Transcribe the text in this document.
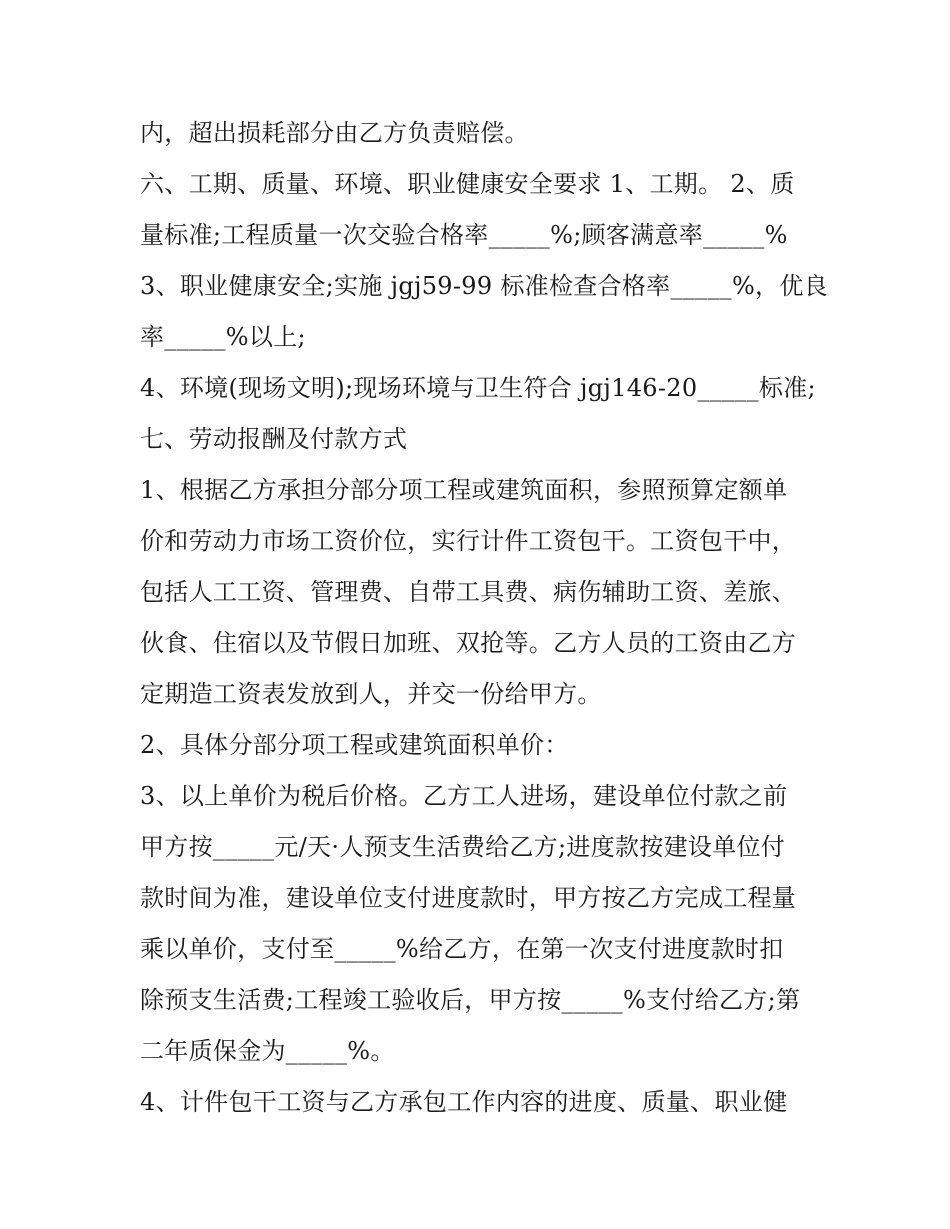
内，超出损耗部分由乙方负责赔偿。
六、工期、质量、环境、职业健康安全要求 1、工期。 2、质
量标准;工程质量一次交验合格率_____%;顾客满意率_____%
3、职业健康安全;实施 jgj59-99 标准检查合格率_____%，优良
率_____%以上;
4、环境(现场文明);现场环境与卫生符合 jgj146-20_____标准;
七、劳动报酬及付款方式
1、根据乙方承担分部分项工程或建筑面积，参照预算定额单
价和劳动力市场工资价位，实行计件工资包干。工资包干中，
包括人工工资、管理费、自带工具费、病伤辅助工资、差旅、
伙食、住宿以及节假日加班、双抢等。乙方人员的工资由乙方
定期造工资表发放到人，并交一份给甲方。
2、具体分部分项工程或建筑面积单价：
3、以上单价为税后价格。乙方工人进场，建设单位付款之前
甲方按_____元/天·人预支生活费给乙方;进度款按建设单位付
款时间为准，建设单位支付进度款时，甲方按乙方完成工程量
乘以单价，支付至_____%给乙方，在第一次支付进度款时扣
除预支生活费;工程竣工验收后，甲方按_____%支付给乙方;第
二年质保金为_____%。
4、计件包干工资与乙方承包工作内容的进度、质量、职业健
